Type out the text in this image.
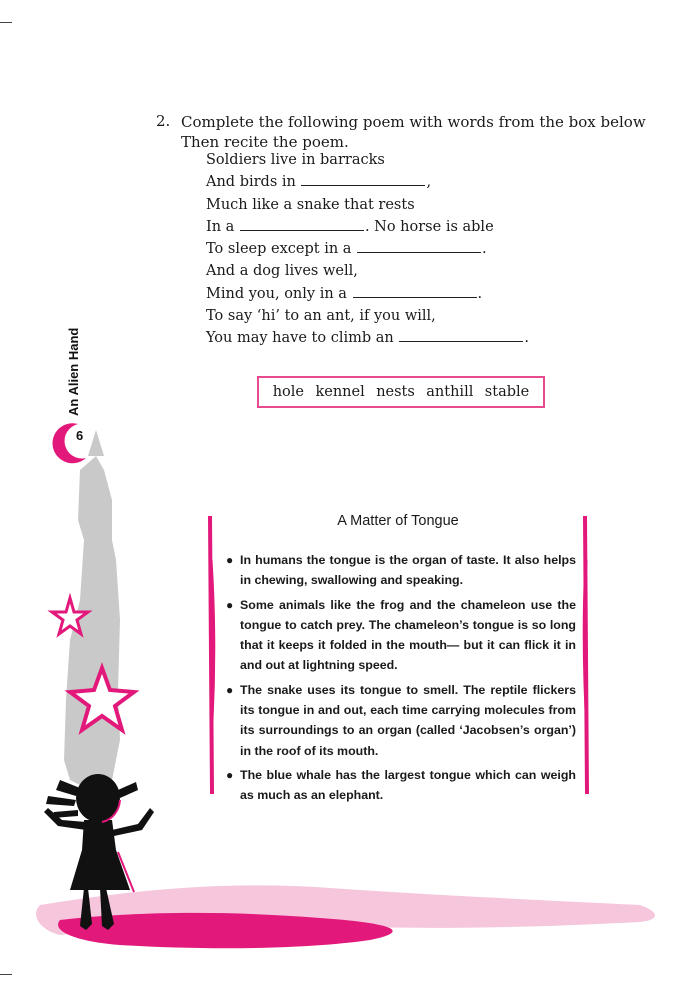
An Alien Hand
6
2. Complete the following poem with words from the box below Then recite the poem.
Soldiers live in barracks
And birds in	,
Much like a snake that rests
In a	. No horse is able
To sleep except in a	.
And a dog lives well,
Mind you, only in a	.
To say ‘hi’ to an ant, if you will,
You may have to climb an	.
hole kennel nests anthill stable
A Matter of Tongue
● In humans the tongue is the organ of taste. It also helps in chewing, swallowing and speaking.
● Some animals like the frog and the chameleon use the tongue to catch prey. The chameleon’s tongue is so long that it keeps it folded in the mouth— but it can flick it in and out at lightning speed.
● The snake uses its tongue to smell. The reptile flickers its tongue in and out, each time carrying molecules from its surroundings to an organ (called ‘Jacobsen’s organ’) in the roof of its mouth.
● The blue whale has the largest tongue which can weigh as much as an elephant.
